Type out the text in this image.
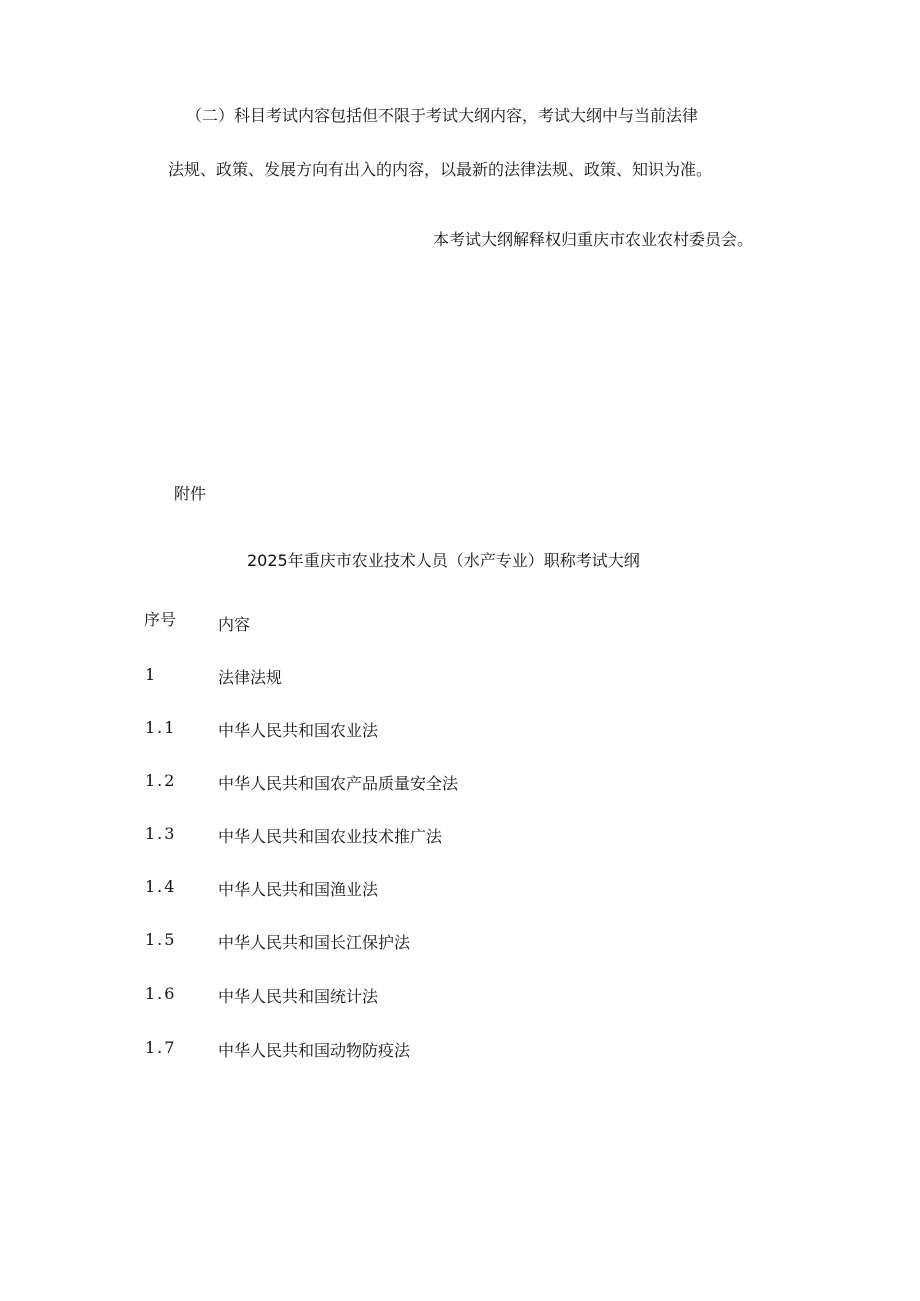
（二）科目考试内容包括但不限于考试大纲内容，考试大纲中与当前法律
法规、政策、发展方向有出入的内容，以最新的法律法规、政策、知识为准。
本考试大纲解释权归重庆市农业农村委员会。
附件
2025年重庆市农业技术人员（水产专业）职称考试大纲
序号	内容
1	法律法规
1.1	中华人民共和国农业法
1.2	中华人民共和国农产品质量安全法
1.3	中华人民共和国农业技术推广法
1.4	中华人民共和国渔业法
1.5	中华人民共和国长江保护法
1.6	中华人民共和国统计法
1.7	中华人民共和国动物防疫法
